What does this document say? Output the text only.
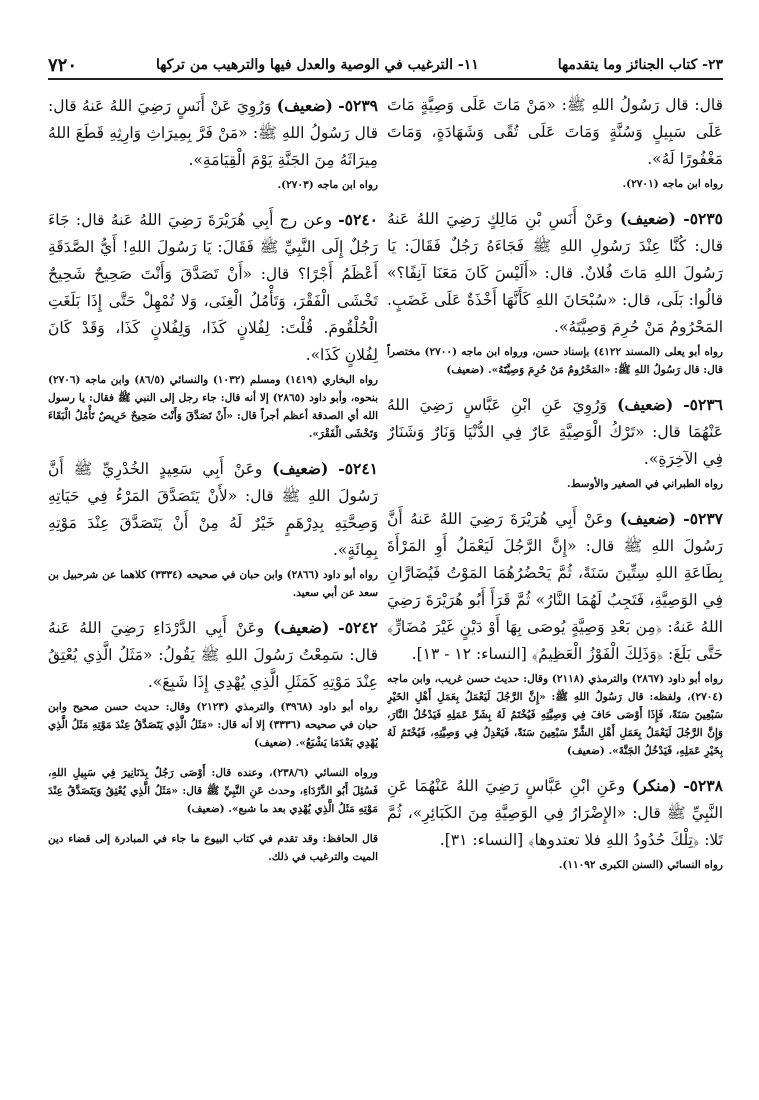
٢٣- كتاب الجنائز وما يتقدمها
١١- الترغيب في الوصية والعدل فيها والترهيب من تركها
٧٢٠

قال: قال رَسُولُ اللهِ ﷺ: «مَنْ مَاتَ عَلَى وَصِيَّةٍ مَاتَ عَلَى سَبِيلٍ وَسُنَّةٍ وَمَاتَ عَلَى تُقًى وَشَهَادَةٍ، وَمَاتَ مَغْفُورًا لَهُ».

رواه ابن ماجه (٢٧٠١).

٥٢٣٥- (ضعيف) وعَنْ أَنَسِ بْنِ مَالِكٍ رَضِيَ اللهُ عَنهُ قال: كُنَّا عِنْدَ رَسُولِ اللهِ ﷺ فَجَاءَهُ رَجُلٌ فَقَالَ: يَا رَسُولَ اللهِ مَاتَ فُلانٌ. قال: «أَلَيْسَ كَانَ مَعَنَا آنِفًا؟» قالُوا: بَلَى، قال: «سُبْحَانَ اللهِ كَأَنَّهَا أَخْذَةٌ عَلَى غَضَبٍ. المَحْرُومُ مَنْ حُرِمَ وَصِيَّتَهُ».

رواه أبو يعلى (المسند ٤١٢٢) بإسناد حسن، ورواه ابن ماجه (٢٧٠٠) مختصراً قال: قال رَسُولُ اللهِ ﷺ: «المَحْرُومُ مَنْ حُرِمَ وَصِيَّتَهُ». (ضعيف)

٥٢٣٦- (ضعيف) وَرُوِيَ عَنِ ابْنِ عَبَّاسٍ رَضِيَ اللهُ عَنْهُمَا قال: «تَرْكُ الْوَصِيَّةِ عَارٌ فِي الدُّنْيَا وَنَارٌ وَشَنَارٌ فِي الآخِرَةِ».

رواه الطبراني في الصغير والأوسط.

٥٢٣٧- (ضعيف) وعَنْ أَبِي هُرَيْرَةَ رَضِيَ اللهُ عَنهُ أَنَّ رَسُولَ اللهِ ﷺ قال: «إِنَّ الرَّجُلَ لَيَعْمَلُ أَوِ المَرْأَةَ بِطَاعَةِ اللهِ سِتِّينَ سَنَةً، ثُمَّ يَحْضُرُهُمَا المَوْتُ فَيُضَارَّانِ فِي الوَصِيَّةِ، فَتَجِبُ لَهُمَا النَّارُ» ثُمَّ قَرَأَ أَبُو هُرَيْرَةَ رَضِيَ اللهُ عَنهُ: ﴿مِن بَعْدِ وَصِيَّةٍ يُوصَى بِهَا أَوْ دَيْنٍ غَيْرَ مُضَارٍّ﴾ حَتَّى بَلَغَ: ﴿وَذَلِكَ الْفَوْزُ الْعَظِيمُ﴾ [النساء: ١٢ - ١٣].

رواه أبو داود (٢٨٦٧) والترمذي (٢١١٨) وقال: حديث حسن غريب، وابن ماجه (٢٧٠٤)، ولفظه: قال رَسُولُ اللهِ ﷺ: «إِنَّ الرَّجُلَ لَيَعْمَلُ بِعَمَلِ أَهْلِ الخَيْرِ سَبْعِينَ سَنَةً، فَإِذَا أَوْصَى حَافَ فِي وَصِيَّتِهِ فَيُخْتَمُ لَهُ بِشَرِّ عَمَلِهِ فَيَدْخُلُ النَّارَ، وَإِنَّ الرَّجُلَ لَيَعْمَلُ بِعَمَلِ أَهْلِ الشَّرِّ سَبْعِينَ سَنَةً، فَيَعْدِلُ فِي وَصِيَّتِهِ، فَيُخْتَمُ لَهُ بِخَيْرِ عَمَلِهِ، فَيَدْخُلُ الجَنَّةَ». (ضعيف)

٥٢٣٨- (منكر) وعَنِ ابْنِ عَبَّاسٍ رَضِيَ اللهُ عَنْهُمَا عَنِ النَّبِيِّ ﷺ قال: «الإِضْرَارُ فِي الوَصِيَّةِ مِنَ الكَبَائِرِ»، ثُمَّ تَلا: ﴿تِلْكَ حُدُودُ اللهِ فلا تعتدوها﴾ [النساء: ٣١].

رواه النسائي (السنن الكبرى ١١٠٩٢).

٥٢٣٩- (ضعيف) وَرُوِيَ عَنْ أَنَسٍ رَضِيَ اللهُ عَنهُ قال: قال رَسُولُ اللهِ ﷺ: «مَنْ فَرَّ بِمِيرَاثِ وَارِثِهِ قَطَعَ اللهُ مِيرَاثَهُ مِنَ الجَنَّةِ يَوْمَ الْقِيَامَةِ».

رواه ابن ماجه (٢٧٠٣).

٥٢٤٠- وعن رج أَبِي هُرَيْرَةَ رَضِيَ اللهُ عَنهُ قال: جَاءَ رَجُلٌ إِلَى النَّبِيِّ ﷺ فَقَالَ: يَا رَسُولَ اللهِ! أَيُّ الصَّدَقَةِ أَعْظَمُ أَجْرًا؟ قال: «أَنْ تَصَدَّقَ وَأَنْتَ صَحِيحٌ شَحِيحٌ تَخْشَى الْفَقْرَ، وَتَأْمُلُ الْغِنَى، وَلا تُمْهِلْ حَتَّى إِذَا بَلَغَتِ الْحُلْقُومَ. قُلْتَ: لِفُلانٍ كَذَا، وَلِفُلانٍ كَذَا، وَقَدْ كَانَ لِفُلانٍ كَذَا».

رواه البخاري (١٤١٩) ومسلم (١٠٣٢) والنسائي (٨٦/٥) وابن ماجه (٢٧٠٦) بنحوه، وأبو داود (٢٨٦٥) إلا أنه قال: جاء رجل إلى النبي ﷺ فقال: يا رسول الله أي الصدقة أعظم أجراً قال: «أَنْ تَصَدَّقَ وَأَنْتَ صَحِيحٌ حَرِيصٌ تَأْمُلُ الْبَقَاءَ وَتَخْشَى الْفَقْرَ».

٥٢٤١- (ضعيف) وعَنْ أَبِي سَعِيدٍ الخُدْرِيِّ ﷺ أَنَّ رَسُولَ اللهِ ﷺ قال: «لأَنْ يَتَصَدَّقَ المَرْءُ فِي حَيَاتِهِ وَصِحَّتِهِ بِدِرْهَمٍ خَيْرٌ لَهُ مِنْ أَنْ يَتَصَدَّقَ عِنْدَ مَوْتِهِ بِمِائَةٍ».

رواه أبو داود (٢٨٦٦) وابن حبان في صحيحه (٣٣٣٤) كلاهما عن شرحبيل بن سعد عن أبي سعيد.

٥٢٤٢- (ضعيف) وعَنْ أَبِي الدَّرْدَاءِ رَضِيَ اللهُ عَنهُ قال: سَمِعْتُ رَسُولَ اللهِ ﷺ يَقُولُ: «مَثَلُ الَّذِي يُعْتِقُ عِنْدَ مَوْتِهِ كَمَثَلِ الَّذِي يُهْدِي إِذَا شَبِعَ».

رواه أبو داود (٣٩٦٨) والترمذي (٢١٢٣) وقال: حديث حسن صحيح وابن حبان في صحيحه (٣٣٣٦) إلا أنه قال: «مَثَلُ الَّذِي يَتَصَدَّقُ عِنْدَ مَوْتِهِ مَثَلُ الَّذِي يُهْدِي بَعْدَمَا يَشْبَعُ». (ضعيف)

ورواه النسائي (٢٣٨/٦)، وعنده قال: أَوْصَى رَجُلٌ بِدَنَانِيرَ فِي سَبِيلِ اللهِ، فَسُئِلَ أَبُو الدَّرْدَاءِ، وحدث عَنِ النَّبِيِّ ﷺ قال: «مَثَلُ الَّذِي يُعْتِقُ وَيَتَصَدَّقُ عِنْدَ مَوْتِهِ مَثَلُ الَّذِي يُهْدِي بعد ما شبع». (ضعيف)

قال الحافظ: وقد تقدم في كتاب البيوع ما جاء في المبادرة إلى قضاء دين الميت والترغيب في ذلك.
